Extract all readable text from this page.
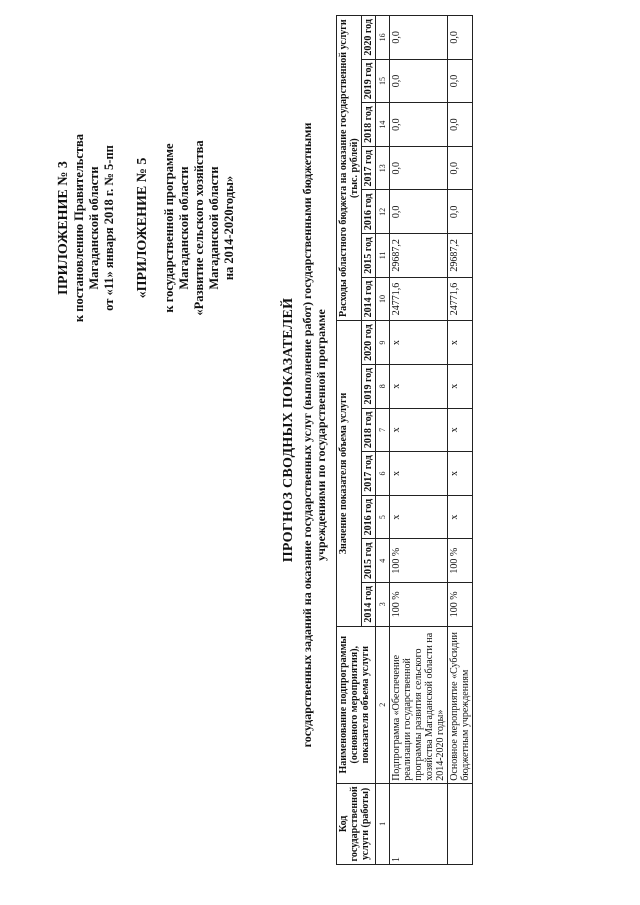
ПРИЛОЖЕНИЕ № 3 к постановлению Правительства Магаданской области от «11» января 2018 г. № 5-пп «ПРИЛОЖЕНИЕ № 5 к государственной программе Магаданской области «Развитие сельского хозяйства Магаданской области на 2014-2020годы»
ПРОГНОЗ СВОДНЫХ ПОКАЗАТЕЛЕЙ государственных заданий на оказание государственных услуг (выполнение работ) государственными бюджетными учреждениями по государственной программе
Код государственной услуги (работы)	Наименование подпрограммы (основного мероприятия), показателя объема услуги	Значение показателя объема услуги							Расходы областного бюджета на оказание государственной услуги (тыс. рублей)						
		2014 год	2015 год	2016 год	2017 год	2018 год	2019 год	2020 год	2014 год	2015 год	2016 год	2017 год	2018 год	2019 год	2020 год
1	2	3	4	5	6	7	8	9	10	11	12	13	14	15	16
1	Подпрограмма «Обеспечение реализации государственной программы развития сельского хозяйства Магаданской области на 2014-2020 годы»	100 %	100 %	х	х	х	х	х	24771,6	29687,2	0,0	0,0	0,0	0,0	0,0
	Основное мероприятие «Субсидии бюджетным учреждениям	100 %	100 %	х	х	х	х	х	24771,6	29687,2	0,0	0,0	0,0	0,0	0,0
